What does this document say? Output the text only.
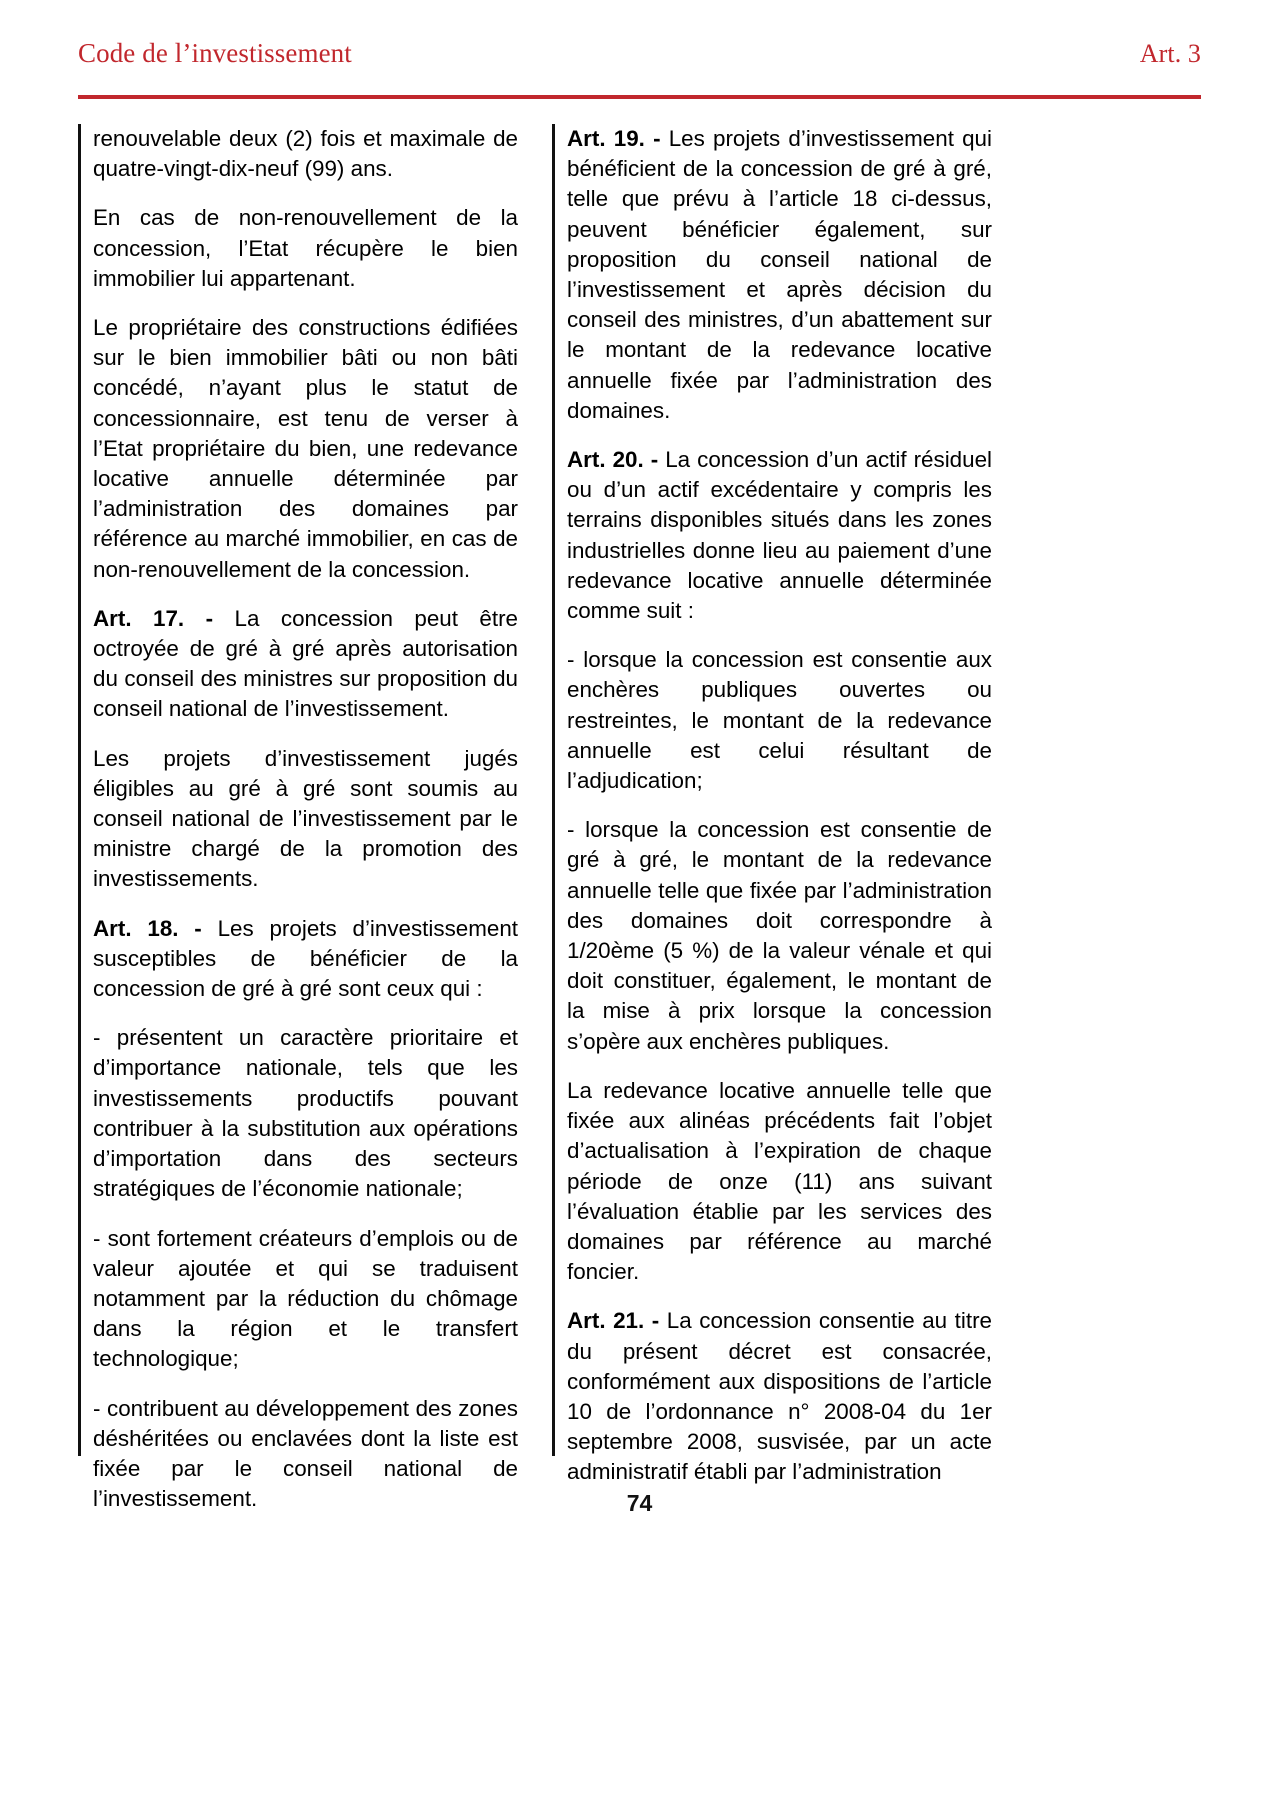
Code de l’investissement	Art. 3

renouvelable deux (2) fois et maximale de quatre-vingt-dix-neuf (99) ans.

En cas de non-renouvellement de la concession, l’Etat récupère le bien immobilier lui appartenant.

Le propriétaire des constructions édifiées sur le bien immobilier bâti ou non bâti concédé, n’ayant plus le statut de concessionnaire, est tenu de verser à l’Etat propriétaire du bien, une redevance locative annuelle déterminée par l’administration des domaines par référence au marché immobilier, en cas de non-renouvellement de la concession.

Art. 17. - La concession peut être octroyée de gré à gré après autorisation du conseil des ministres sur proposition du conseil national de l’investissement.

Les projets d’investissement jugés éligibles au gré à gré sont soumis au conseil national de l’investissement par le ministre chargé de la promotion des investissements.

Art. 18. - Les projets d’investissement susceptibles de bénéficier de la concession de gré à gré sont ceux qui :

- présentent un caractère prioritaire et d’importance nationale, tels que les investissements productifs pouvant contribuer à la substitution aux opérations d’importation dans des secteurs stratégiques de l’économie nationale;

- sont fortement créateurs d’emplois ou de valeur ajoutée et qui se traduisent notamment par la réduction du chômage dans la région et le transfert technologique;

- contribuent au développement des zones déshéritées ou enclavées dont la liste est fixée par le conseil national de l’investissement.

Art. 19. - Les projets d’investissement qui bénéficient de la concession de gré à gré, telle que prévu à l’article 18 ci-dessus, peuvent bénéficier également, sur proposition du conseil national de l’investissement et après décision du conseil des ministres, d’un abattement sur le montant de la redevance locative annuelle fixée par l’administration des domaines.

Art. 20. - La concession d’un actif résiduel ou d’un actif excédentaire y compris les terrains disponibles situés dans les zones industrielles donne lieu au paiement d’une redevance locative annuelle déterminée comme suit :

- lorsque la concession est consentie aux enchères publiques ouvertes ou restreintes, le montant de la redevance annuelle est celui résultant de l’adjudication;

- lorsque la concession est consentie de gré à gré, le montant de la redevance annuelle telle que fixée par l’administration des domaines doit correspondre à 1/20ème (5 %) de la valeur vénale et qui doit constituer, également, le montant de la mise à prix lorsque la concession s’opère aux enchères publiques.

La redevance locative annuelle telle que fixée aux alinéas précédents fait l’objet d’actualisation à l’expiration de chaque période de onze (11) ans suivant l’évaluation établie par les services des domaines par référence au marché foncier.

Art. 21. - La concession consentie au titre du présent décret est consacrée, conformément aux dispositions de l’article 10 de l’ordonnance n° 2008-04 du 1er septembre 2008, susvisée, par un acte administratif établi par l’administration

74
